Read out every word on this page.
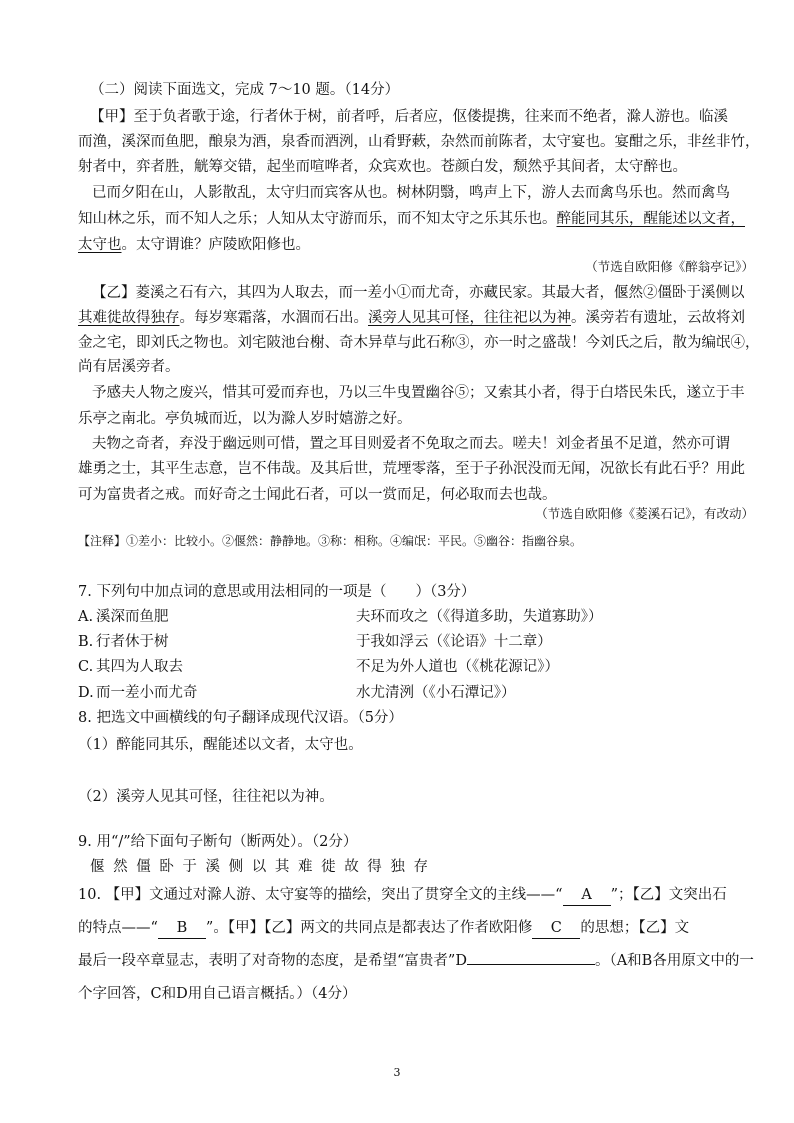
（二）阅读下面选文，完成 7～10 题。（14分）
【甲】至于负者歌于途，行者休于树，前者呼，后者应，伛偻提携，往来而不绝者，滁人游也。临溪
而渔，溪深而鱼肥，酿泉为酒，泉香而酒洌，山肴野蔌，杂然而前陈者，太守宴也。宴酣之乐，非丝非竹，
射者中，弈者胜，觥筹交错，起坐而喧哗者，众宾欢也。苍颜白发，颓然乎其间者，太守醉也。
已而夕阳在山，人影散乱，太守归而宾客从也。树林阴翳，鸣声上下，游人去而禽鸟乐也。然而禽鸟
知山林之乐，而不知人之乐；人知从太守游而乐，而不知太守之乐其乐也。醉能同其乐，醒能述以文者，
太守也。太守谓谁？庐陵欧阳修也。
（节选自欧阳修《醉翁亭记》）
【乙】菱溪之石有六，其四为人取去，而一差小①而尤奇，亦藏民家。其最大者，偃然②僵卧于溪侧以
其难徙故得独存。每岁寒霜落，水涸而石出。溪旁人见其可怪，往往祀以为神。溪旁若有遗址，云故将刘
金之宅，即刘氏之物也。刘宅陂池台榭、奇木异草与此石称③，亦一时之盛哉！今刘氏之后，散为编氓④，
尚有居溪旁者。
予感夫人物之废兴，惜其可爱而弃也，乃以三牛曳置幽谷⑤；又索其小者，得于白塔民朱氏，遂立于丰
乐亭之南北。亭负城而近，以为滁人岁时嬉游之好。
夫物之奇者，弃没于幽远则可惜，置之耳目则爱者不免取之而去。嗟夫！刘金者虽不足道，然亦可谓
雄勇之士，其平生志意，岂不伟哉。及其后世，荒堙零落，至于子孙泯没而无闻，况欲长有此石乎？用此
可为富贵者之戒。而好奇之士闻此石者，可以一赏而足，何必取而去也哉。
（节选自欧阳修《菱溪石记》，有改动）
【注释】①差小：比较小。②偃然：静静地。③称：相称。④编氓：平民。⑤幽谷：指幽谷泉。
7. 下列句中加点词的意思或用法相同的一项是（　　）（3分）
A. 溪深而鱼肥	夫环而攻之（《得道多助，失道寡助》）
B. 行者休于树	于我如浮云（《论语》十二章）
C. 其四为人取去	不足为外人道也（《桃花源记》）
D. 而一差小而尤奇	水尤清洌（《小石潭记》）
8. 把选文中画横线的句子翻译成现代汉语。（5分）
（1）醉能同其乐，醒能述以文者，太守也。
（2）溪旁人见其可怪，往往祀以为神。
9. 用“/”给下面句子断句（断两处）。（2分）
偃 然 僵 卧 于 溪 侧 以 其 难 徙 故 得 独 存
10. 【甲】文通过对滁人游、太守宴等的描绘，突出了贯穿全文的主线——“ A ”；【乙】文突出石
的特点——“ B ”。【甲】【乙】两文的共同点是都表达了作者欧阳修 C 的思想；【乙】文
最后一段卒章显志，表明了对奇物的态度，是希望“富贵者”D	。（A和B各用原文中的一
个字回答，C和D用自己语言概括。）（4分）
3
